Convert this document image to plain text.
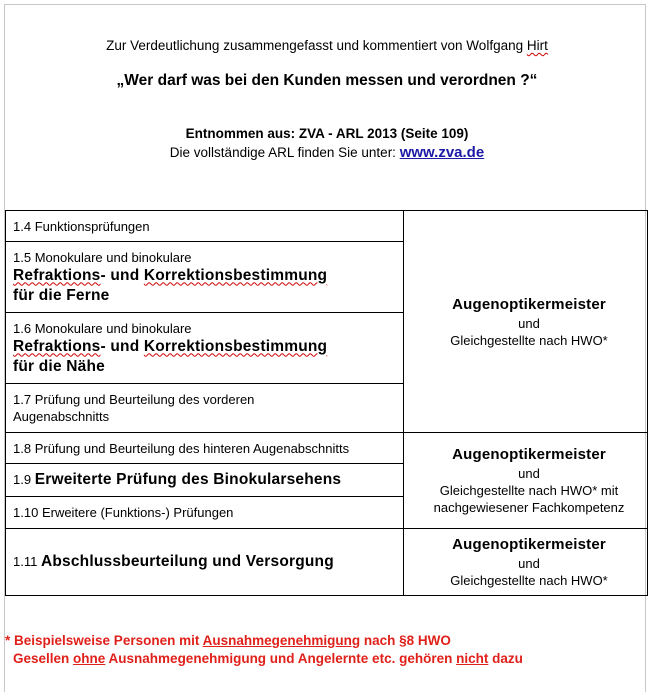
Zur Verdeutlichung zusammengefasst und kommentiert von Wolfgang Hirt
„Wer darf was bei den Kunden messen und verordnen ?“
Entnommen aus: ZVA - ARL 2013 (Seite 109)
Die vollständige ARL finden Sie unter: www.zva.de
1.4 Funktionsprüfungen	Augenoptikermeister
und
Gleichgestellte nach HWO*

1.5 Monokulare und binokulare
Refraktions- und Korrektionsbestimmung
für die Ferne	

1.6 Monokulare und binokulare
Refraktions- und Korrektionsbestimmung
für die Nähe	

1.7 Prüfung und Beurteilung des vorderen
Augenabschnitts	

1.8 Prüfung und Beurteilung des hinteren Augenabschnitts	Augenoptikermeister
und
Gleichgestellte nach HWO* mit
nachgewiesener Fachkompetenz

1.9 Erweiterte Prüfung des Binokularsehens	
1.10 Erweitere (Funktions-) Prüfungen	
1.11 Abschlussbeurteilung und Versorgung	Augenoptikermeister
und
Gleichgestellte nach HWO*
* Beispielsweise Personen mit Ausnahmegenehmigung nach §8 HWO
Gesellen ohne Ausnahmegenehmigung und Angelernte etc. gehören nicht dazu
